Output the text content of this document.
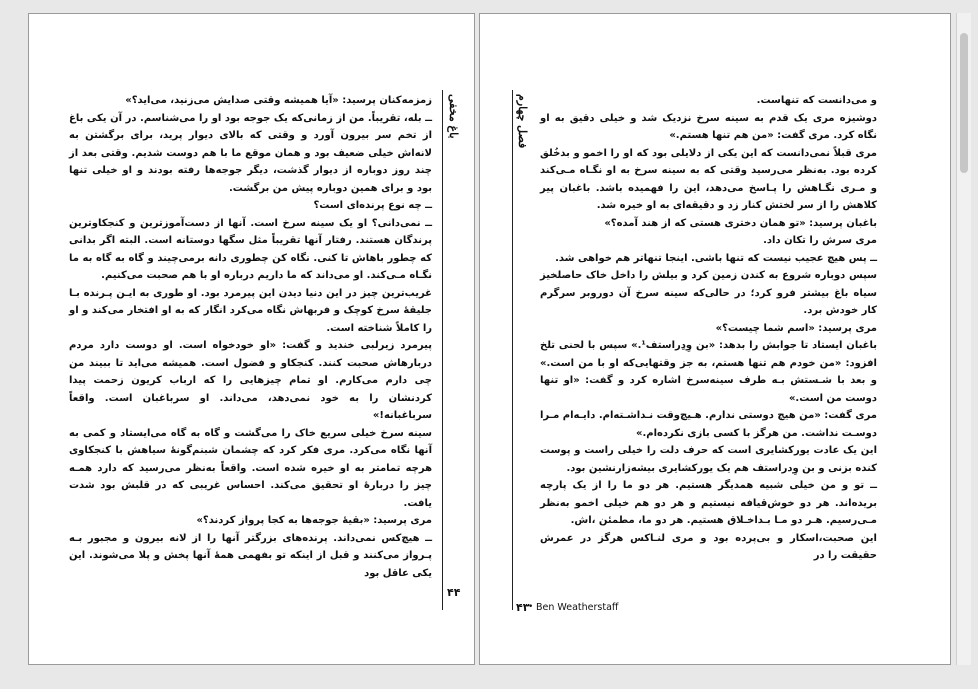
زمزمه‌کنان پرسید: «آیا همیشه وقتی صدایش می‌زنید، می‌اید؟»

ــ بله، تقریباً. من از زمانی‌که یک جوجه بود او را می‌شناسم. در آن یکی باغ از تخم سر بیرون آورد و وقتی که بالای دیوار پرید، برای برگشتن به لانه‌اش خیلی ضعیف بود و همان موقع ما با هم دوست شدیم. وقتی بعد از چند روز دوباره از دیوار گذشت، دیگر جوجه‌ها رفته بودند و او خیلی تنها بود و برای همین دوباره پیش من برگشت.

ــ چه نوع پرنده‌ای است؟

ــ نمی‌دانی؟ او یک سینه سرخ است. آنها از دست‌آموزترین و کنجکاوترین پرندگان هستند. رفتار آنها تقریباً مثل سگها دوستانه است. البته اگر بدانی که چطور باهاش تا کنی. نگاه کن چطوری دانه برمی‌چیند و گاه به گاه به ما نگـاه مـی‌کند. او می‌داند که ما داریم درباره او با هم صحبت می‌کنیم.

غریب‌ترین چیز در این دنیا دیدن این پیرمرد بود. او طوری به ایـن پـرنده بـا جلیقهٔ سرخ کوچک و فربهاش نگاه می‌کرد انگار که به او افتخار می‌کند و او را کاملاً شناخته است.

پیرمرد زیرلبی خندید و گفت: «او خودخواه است. او دوست دارد مردم دربارهاش صحبت کنند. کنجکاو و فضول است. همیشه می‌اید تا ببیند من چی دارم می‌کارم. او تمام چیزهایی را که ارباب کریون زحمت پیدا کردنشان را به خود نمی‌دهد، می‌داند. او سرباغبان است. واقعاً سرباغبانه!»

سینه سرخ خیلی سریع خاک را می‌گشت و گاه به گاه می‌ایستاد و کمی به آنها نگاه می‌کرد. مری فکر کرد که چشمان شبنم‌گونهٔ سیاهش با کنجکاوی هرچه تمامتر به او خیره شده است. واقعاً به‌نظر می‌رسید که دارد همـه چیز را دربارهٔ او تحقیق می‌کند. احساس غریبی که در قلبش بود شدت یافت.

مری پرسید: «بقیهٔ جوجه‌ها به کجا پرواز کردند؟»

ــ هیچ‌کس نمی‌داند. پرنده‌های بزرگتر آنها را از لانه بیرون و مجبور بـه پـرواز می‌کنند و قبل از اینکه تو بفهمی همهٔ آنها پخش و پلا می‌شوند. این یکی عاقل بود

باغ مخفی
۴۴

و می‌دانست که تنهاست.

دوشیزه مری یک قدم به سینه سرخ نزدیک شد و خیلی دقیق به او نگاه کرد. مری گفت: «من هم تنها هستم.»

مری قبلاً نمی‌دانست که این یکی از دلایلی بود که او را اخمو و بدخُلق کرده بود. به‌نظر می‌رسید وقتی که به سینه سرخ به او نگـاه مـی‌کند و مـری نگـاهش را پـاسخ می‌دهد، این را فهمیده باشد. باغبان پیر کلاهش را از سر لختش کنار زد و دقیقه‌ای به او خیره شد.

باغبان پرسید: «تو همان دختری هستی که از هند آمده؟»

مری سرش را تکان داد.

ــ پس هیچ عجیب نیست که تنها باشی. اینجا تنهاتر هم خواهی شد.

سپس دوباره شروع به کندن زمین کرد و بیلش را داخل خاک حاصلخیز سیاه باغ بیشتر فرو کرد؛ در حالی‌که سینه سرخ آن دوروبر سرگرم کار خودش برد.

مری پرسید: «اسم شما چیست؟»

باغبان ایستاد تا جوابش را بدهد: «بن وِدِراستف¹.» سپس با لحنی تلخ افزود: «من خودم هم تنها هستم، به جز وقتهایی‌که او با من است.» و بعد با شـستش بـه طرف سینه‌سرخ اشاره کرد و گفت: «او تنها دوست من است.»

مری گفت: «من هیچ دوستی ندارم. هـیچ‌وقت نـداشـته‌ام. دایـه‌ام مـرا دوسـت نداشت. من هرگز با کسی بازی نکرده‌ام.»

این یک عادت یورکشایری است که حرف دلت را خیلی راست و پوست کنده بزنی و بن وِدراستف هم یک یورکشایری بیشه‌زارنشین بود.

ــ تو و من خیلی شبیه همدیگر هستیم. هر دو ما را از یک پارچه بریده‌اند. هر دو خوش‌قیافه نیستیم و هر دو هم خیلی اخمو به‌نظر مـی‌رسیم. هـر دو مـا بـداخـلاق هستیم. هر دو ما، مطمئن ،اش.

این صحبت،اسکار و بی‌پرده بود و مری لنـاکس هرگز در عمرش حقیقت را در

فصل چهارم
۴۳
• Ben Weatherstaff
